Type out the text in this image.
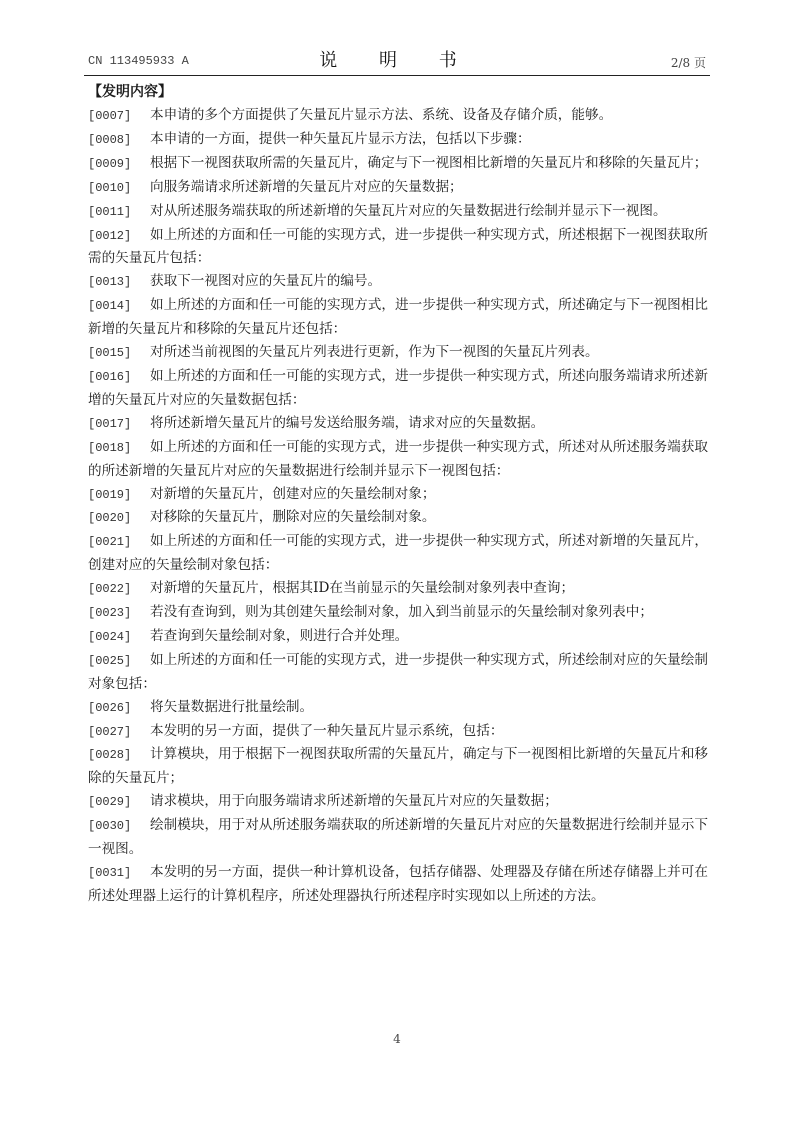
CN 113495933 A	说 明 书	2/8 页
【发明内容】

[0007] 本申请的多个方面提供了矢量瓦片显示方法、系统、设备及存储介质，能够。

[0008] 本申请的一方面，提供一种矢量瓦片显示方法，包括以下步骤：

[0009] 根据下一视图获取所需的矢量瓦片，确定与下一视图相比新增的矢量瓦片和移除的矢量瓦片；

[0010] 向服务端请求所述新增的矢量瓦片对应的矢量数据；

[0011] 对从所述服务端获取的所述新增的矢量瓦片对应的矢量数据进行绘制并显示下一视图。

[0012] 如上所述的方面和任一可能的实现方式，进一步提供一种实现方式，所述根据下一视图获取所需的矢量瓦片包括：

[0013] 获取下一视图对应的矢量瓦片的编号。

[0014] 如上所述的方面和任一可能的实现方式，进一步提供一种实现方式，所述确定与下一视图相比新增的矢量瓦片和移除的矢量瓦片还包括：

[0015] 对所述当前视图的矢量瓦片列表进行更新，作为下一视图的矢量瓦片列表。

[0016] 如上所述的方面和任一可能的实现方式，进一步提供一种实现方式，所述向服务端请求所述新增的矢量瓦片对应的矢量数据包括：

[0017] 将所述新增矢量瓦片的编号发送给服务端，请求对应的矢量数据。

[0018] 如上所述的方面和任一可能的实现方式，进一步提供一种实现方式，所述对从所述服务端获取的所述新增的矢量瓦片对应的矢量数据进行绘制并显示下一视图包括：

[0019] 对新增的矢量瓦片，创建对应的矢量绘制对象；

[0020] 对移除的矢量瓦片，删除对应的矢量绘制对象。

[0021] 如上所述的方面和任一可能的实现方式，进一步提供一种实现方式，所述对新增的矢量瓦片，创建对应的矢量绘制对象包括：

[0022] 对新增的矢量瓦片，根据其ID在当前显示的矢量绘制对象列表中查询；

[0023] 若没有查询到，则为其创建矢量绘制对象，加入到当前显示的矢量绘制对象列表中；

[0024] 若查询到矢量绘制对象，则进行合并处理。

[0025] 如上所述的方面和任一可能的实现方式，进一步提供一种实现方式，所述绘制对应的矢量绘制对象包括：

[0026] 将矢量数据进行批量绘制。

[0027] 本发明的另一方面，提供了一种矢量瓦片显示系统，包括：

[0028] 计算模块，用于根据下一视图获取所需的矢量瓦片，确定与下一视图相比新增的矢量瓦片和移除的矢量瓦片；

[0029] 请求模块，用于向服务端请求所述新增的矢量瓦片对应的矢量数据；

[0030] 绘制模块，用于对从所述服务端获取的所述新增的矢量瓦片对应的矢量数据进行绘制并显示下一视图。

[0031] 本发明的另一方面，提供一种计算机设备，包括存储器、处理器及存储在所述存储器上并可在所述处理器上运行的计算机程序，所述处理器执行所述程序时实现如以上所述的方法。

4
